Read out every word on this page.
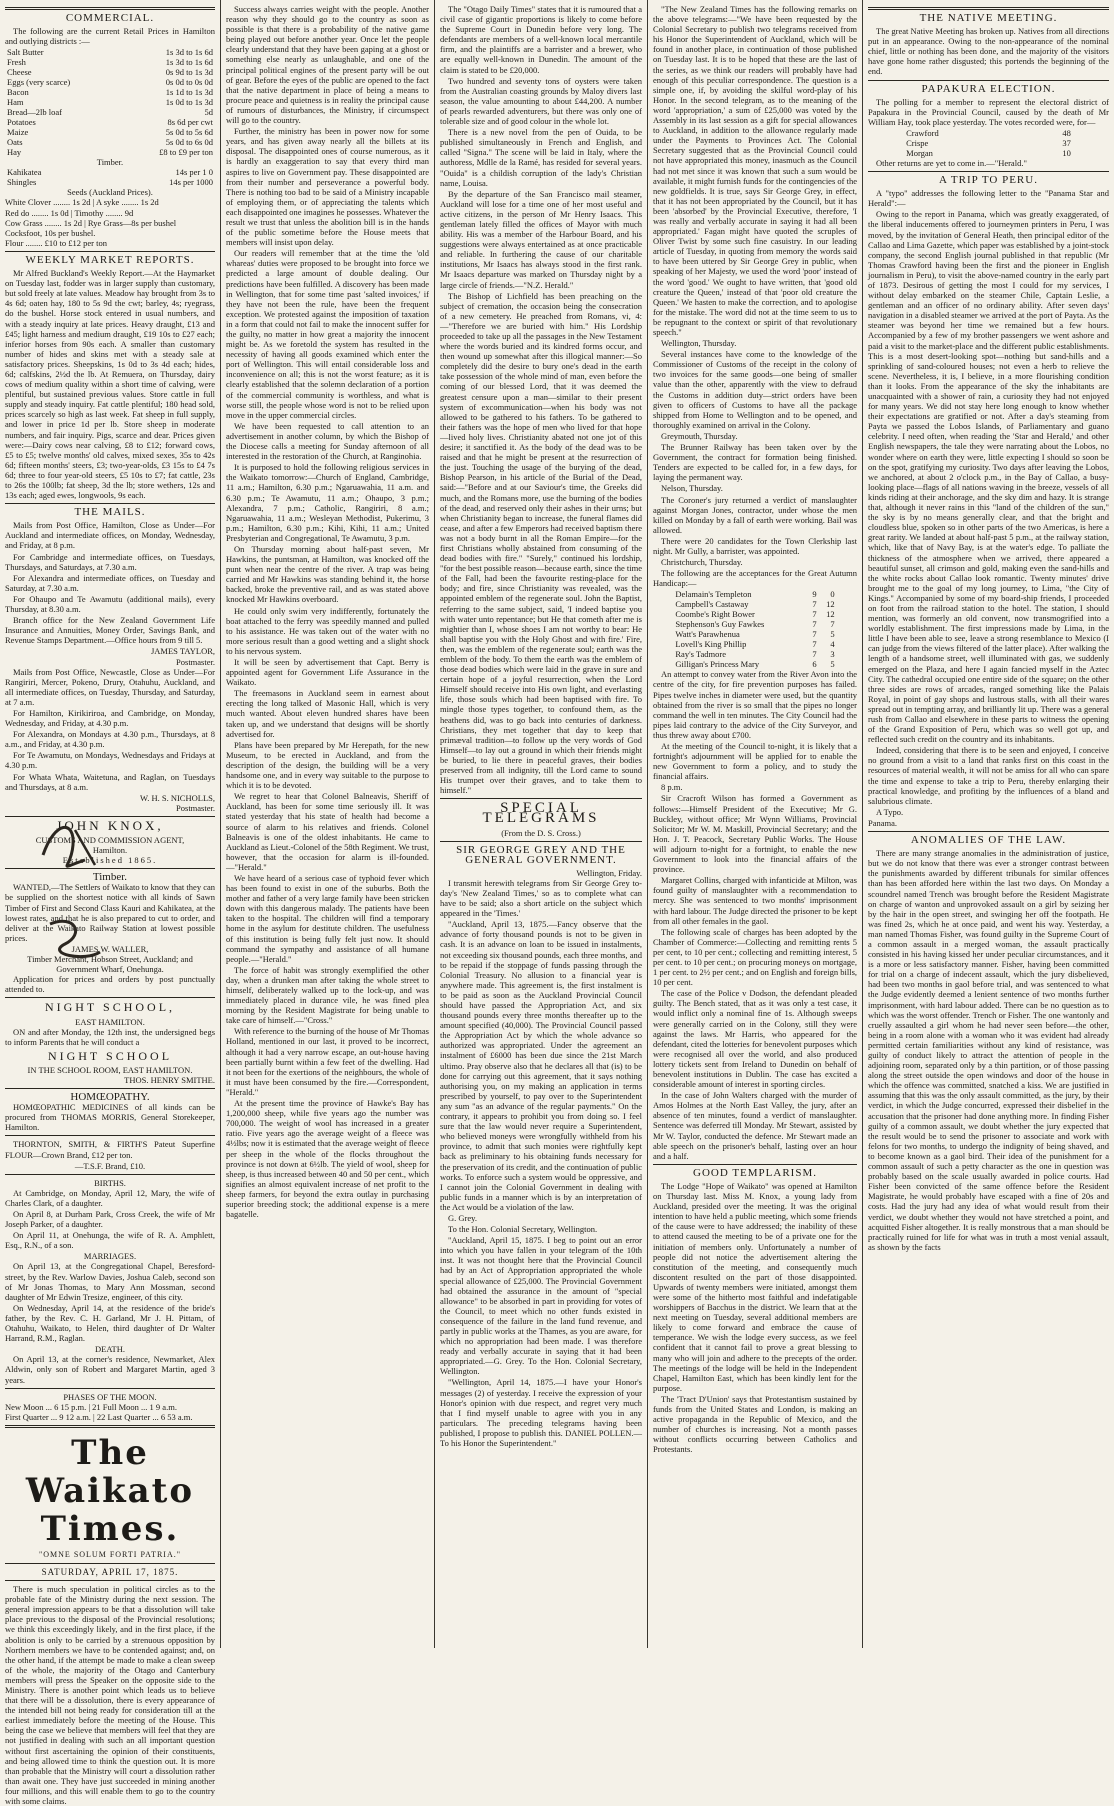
COMMERCIAL.

The following are the current Retail Prices in Hamilton and outlying districts :—

Salt Butter	1s 3d to 1s 6d
Fresh	1s 3d to 1s 6d
Cheese	0s 9d to 1s 3d
Eggs (very scarce)	0s 0d to 0s 0d
Bacon	1s 1d to 1s 3d
Ham	1s 0d to 1s 3d
Bread—2lb loaf	5d
Potatoes	8s 6d per cwt
Maize	5s 0d to 5s 6d
Oats	5s 0d to 6s 0d
Hay	£8 to £9 per ton
Timber.
Kahikatea	14s per 1 0
Shingles	14s per 1000
Seeds (Auckland Prices).
White Clover ........ 1s 2d | A syke ........ 1s 2d
Red do ........ 1s 0d | Timothy ........ 9d
Cow Grass ........ 1s 2d | Rye Grass—8s per bushel
Cocksfoot, 10s per bushel.
Flour ........ £10 to £12 per ton
WEEKLY MARKET REPORTS.

Mr Alfred Buckland's Weekly Report.—At the Haymarket on Tuesday last, fodder was in larger supply than customary, but sold freely at late values. Meadow hay brought from 3s to 4s 6d; oaten hay, 180 to 5s 9d the cwt; barley, 4s; ryegrass, do the bushel. Horse stock entered in usual numbers, and with a steady inquiry at late prices. Heavy draught, £13 and £45; light harness and medium draught, £19 10s to £27 each; inferior horses from 90s each. A smaller than customary number of hides and skins met with a steady sale at satisfactory prices. Sheepskins, 1s 0d to 3s 4d each; hides, 6d; calfskins, 2½d the lb. At Remuera, on Thursday, dairy cows of medium quality within a short time of calving, were plentiful, but sustained previous values. Store cattle in full supply and steady inquiry. Fat cattle plentiful; 180 head sold, prices scarcely so high as last week. Fat sheep in full supply, and lower in price 1d per lb. Store sheep in moderate numbers, and fair inquiry. Pigs, scarce and dear. Prices given were:—Dairy cows near calving, £8 to £12; forward cows, £5 to £5; twelve months' old calves, mixed sexes, 35s to 42s 6d; fifteen months' steers, £3; two-year-olds, £3 15s to £4 7s 6d; three to four year-old steers, £5 10s to £7; fat cattle, 23s to 26s the 100lb; fat sheep, 3d the lb; store wethers, 12s and 13s each; aged ewes, longwools, 9s each.

THE MAILS.

Mails from Post Office, Hamilton, Close as Under—For Auckland and intermediate offices, on Monday, Wednesday, and Friday, at 8 p.m.

For Cambridge and intermediate offices, on Tuesdays, Thursdays, and Saturdays, at 7.30 a.m.

For Alexandra and intermediate offices, on Tuesday and Saturday, at 7.30 a.m.

For Ohaupo and Te Awamutu (additional mails), every Thursday, at 8.30 a.m.

Branch office for the New Zealand Government Life Insurance and Annuities, Money Order, Savings Bank, and Revenue Stamps Department.—Office hours from 9 till 5.

JAMES TAYLOR,
Postmaster.

Mails from Post Office, Newcastle, Close as Under—For Rangiriri, Mercer, Pokeno, Drury, Otahuhu, Auckland, and all intermediate offices, on Tuesday, Thursday, and Saturday, at 7 a.m.

For Hamilton, Kirikiriroa, and Cambridge, on Monday, Wednesday, and Friday, at 4.30 p.m.

For Alexandra, on Mondays at 4.30 p.m., Thursdays, at 8 a.m., and Friday, at 4.30 p.m.

For Te Awamutu, on Mondays, Wednesdays and Fridays at 4.30 p.m.

For Whata Whata, Waitetuna, and Raglan, on Tuesdays and Thursdays, at 8 a.m.

W. H. S. NICHOLLS,
Postmaster.
JOHN KNOX,
CUSTOMS AND COMMISSION AGENT,
Hamilton.
Established 1865.
Timber.

WANTED,—The Settlers of Waikato to know that they can be supplied on the shortest notice with all kinds of Sawn Timber of First and Second Class Kauri and Kahikatea, at the lowest rates, and that he is also prepared to cut to order, and deliver at the Waikato Railway Station at lowest possible prices.

JAMES W. WALLER,
Timber Merchant, Hobson Street, Auckland; and Government Wharf, Onehunga.

Application for prices and orders by post punctually attended to.

NIGHT SCHOOL,
EAST HAMILTON.

ON and after Monday, the 12th inst, the undersigned begs to inform Parents that he will conduct a

NIGHT SCHOOL
IN THE SCHOOL ROOM, EAST HAMILTON.
THOS. HENRY SMITHE.
HOMŒOPATHY.

HOMŒOPATHIC MEDICINES of all kinds can be procured from THOMAS MORRIS, General Storekeeper, Hamilton.

THORNTON, SMITH, & FIRTH'S Pateut Superfine FLOUR—Crown Brand, £12 per ton.

—T.S.F. Brand, £10.
BIRTHS.

At Cambridge, on Monday, April 12, Mary, the wife of Charles Clark, of a daughter.

On April 8, at Durham Park, Cross Creek, the wife of Mr Joseph Parker, of a daughter.

On April 11, at Onehunga, the wife of R. A. Amphlett, Esq., R.N., of a son.

MARRIAGES.

On April 13, at the Congregational Chapel, Beresford-street, by the Rev. Warlow Davies, Joshua Caleb, second son of Mr Jonas Thomas, to Mary Ann Mossman, second daughter of Mr Edwin Tresize, engineer, of this city.

On Wednesday, April 14, at the residence of the bride's father, by the Rev. C. H. Garland, Mr J. H. Pittam, of Otahuhu, Waikato, to Helen, third daughter of Dr Walter Harrand, R.M., Raglan.

DEATH.

On April 13, at the corner's residence, Newmarket, Alex Aldwin, only son of Robert and Margaret Martin, aged 3 years.

PHASES OF THE MOON.
New Moon ... 6 15 p.m. | 21 Full Moon ... 1 9 a.m.
First Quarter ... 9 12 a.m. | 22 Last Quarter ... 6 53 a.m.
The Waikato Times.
"OMNE SOLUM FORTI PATRIA."
SATURDAY, APRIL 17, 1875.

There is much speculation in political circles as to the probable fate of the Ministry during the next session. The general impression appears to be that a dissolution will take place previous to the disposal of the Provincial resolutions; we think this exceedingly likely, and in the first place, if the abolition is only to be carried by a strenuous opposition by Northern members we have to be contended against; and, on the other hand, if the attempt be made to make a clean sweep of the whole, the majority of the Otago and Canterbury members will press the Speaker on the opposite side to the Ministry. There is another point which leads us to believe that there will be a dissolution, there is every appearance of the intended bill not being ready for consideration till at the earliest immediately before the meeting of the House. This being the case we believe that members will feel that they are not justified in dealing with such an all important question without first ascertaining the opinion of their constituents, and being allowed time to think the question out. It is more than probable that the Ministry will court a dissolution rather than await one. They have just succeeded in mining another four millions, and this will enable them to go to the country with some claims.

Success always carries weight with the people. Another reason why they should go to the country as soon as possible is that there is a probability of the native game being played out before another year. Once let the people clearly understand that they have been gaping at a ghost or something else nearly as unlaughable, and one of the principal political engines of the present party will be out of gear. Before the eyes of the public are opened to the fact that the native department in place of being a means to procure peace and quietness is in reality the principal cause of rumours of disturbances, the Ministry, if circumspect will go to the country.

Further, the ministry has been in power now for some years, and has given away nearly all the billets at its disposal. The disappointed ones of course numerous, as it is hardly an exaggeration to say that every third man aspires to live on Government pay. These disappointed are from their number and perseverance a powerful body. There is nothing too bad to be said of a Ministry incapable of employing them, or of appreciating the talents which each disappointed one imagines he possesses. Whatever the result we trust that unless the abolition bill is in the hands of the public sometime before the House meets that members will insist upon delay.

Our readers will remember that at the time the 'old whareas' duties were proposed to be brought into force we predicted a large amount of double dealing. Our predictions have been fulfilled. A discovery has been made in Wellington, that for some time past 'salted invoices,' if they have not been the rule, have been the frequent exception. We protested against the imposition of taxation in a form that could not fail to make the innocent suffer for the guilty, no matter in how great a majority the innocent might be. As we foretold the system has resulted in the necessity of having all goods examined which enter the port of Wellington. This will entail considerable loss and inconvenience on all; this is not the worst feature; as it is clearly established that the solemn declaration of a portion of the commercial community is worthless, and what is worse still, the people whose word is not to be relied upon move in the upper commercial circles.

We have been requested to call attention to an advertisement in another column, by which the Bishop of the Diocese calls a meeting for Sunday afternoon of all interested in the restoration of the Church, at Ranginohia.

It is purposed to hold the following religious services in the Waikato tomorrow:—Church of England, Cambridge, 11 a.m.; Hamilton, 6.30 p.m.; Ngaruawahia, 11 a.m. and 6.30 p.m.; Te Awamutu, 11 a.m.; Ohaupo, 3 p.m.; Alexandra, 7 p.m.; Catholic, Rangiriri, 8 a.m.; Ngaruawahia, 11 a.m.; Wesleyan Methodist, Pukerimu, 3 p.m.; Hamilton, 6.30 p.m.; Kihi, Kihi, 11 a.m.; United Presbyterian and Congregational, Te Awamutu, 3 p.m.

On Thursday morning about half-past seven, Mr Hawkins, the puntsman, at Hamilton, was knocked off the punt when near the centre of the river. A trap was being carried and Mr Hawkins was standing behind it, the horse backed, broke the preventive rail, and as was stated above knocked Mr Hawkins overboard.

He could only swim very indifferently, fortunately the boat attached to the ferry was speedily manned and pulled to his assistance. He was taken out of the water with no more serious result than a good wetting and a slight shock to his nervous system.

It will be seen by advertisement that Capt. Berry is appointed agent for Government Life Assurance in the Waikato.

The freemasons in Auckland seem in earnest about erecting the long talked of Masonic Hall, which is very much wanted. About eleven hundred shares have been taken up, and we understand that designs will be shortly advertised for.

Plans have been prepared by Mr Herepath, for the new Museum, to be erected in Auckland, and from the description of the design, the building will be a very handsome one, and in every way suitable to the purpose to which it is to be devoted.

We regret to hear that Colonel Balneavis, Sheriff of Auckland, has been for some time seriously ill. It was stated yesterday that his state of health had become a source of alarm to his relatives and friends. Colonel Balneavis is one of the oldest inhabitants. He came to Auckland as Lieut.-Colonel of the 58th Regiment. We trust, however, that the occasion for alarm is ill-founded.—"Herald."

We have heard of a serious case of typhoid fever which has been found to exist in one of the suburbs. Both the mother and father of a very large family have been stricken down with this dangerous malady. The patients have been taken to the hospital. The children will find a temporary home in the asylum for destitute children. The usefulness of this institution is being fully felt just now. It should command the sympathy and assistance of all humane people.—"Herald."

The force of habit was strongly exemplified the other day, when a drunken man after taking the whole street to himself, deliberately walked up to the lock-up, and was immediately placed in durance vile, he was fined plea morning by the Resident Magistrate for being unable to take care of himself.—"Cross."

With reference to the burning of the house of Mr Thomas Holland, mentioned in our last, it proved to be incorrect, although it had a very narrow escape, an out-house having been partially burnt within a few feet of the dwelling. Had it not been for the exertions of the neighbours, the whole of it must have been consumed by the fire.—Correspondent, "Herald."

At the present time the province of Hawke's Bay has 1,200,000 sheep, while five years ago the number was 700,000. The weight of wool has increased in a greater ratio. Five years ago the average weight of a fleece was 4½lbs; now it is estimated that the average weight of fleece per sheep in the whole of the flocks throughout the province is not down at 6½lb. The yield of wool, sheep for sheep, is thus increased between 40 and 50 per cent., which signifies an almost equivalent increase of net profit to the sheep farmers, for beyond the extra outlay in purchasing superior breeding stock; the additional expense is a mere bagatelle.

The "Otago Daily Times" states that it is rumoured that a civil case of gigantic proportions is likely to come before the Supreme Court in Dunedin before very long. The defendants are members of a well-known local mercantile firm, and the plaintiffs are a barrister and a brewer, who are equally well-known in Dunedin. The amount of the claim is stated to be £20,000.

Two hundred and seventy tons of oysters were taken from the Australian coasting grounds by Maloy divers last season, the value amounting to about £44,200. A number of pearls rewarded adventurers, but there was only one of tolerable size and of good colour in the whole lot.

There is a new novel from the pen of Ouida, to be published simultaneously in French and English, and called "Signa." The scene will be laid in Italy, where the authoress, Mdlle de la Ramé, has resided for several years. "Ouida" is a childish corruption of the lady's Christian name, Louisa.

By the departure of the San Francisco mail steamer, Auckland will lose for a time one of her most useful and active citizens, in the person of Mr Henry Isaacs. This gentleman lately filled the offices of Mayor with much ability. His was a member of the Harbour Board, and his suggestions were always entertained as at once practicable and reliable. In furthering the cause of our charitable institutions, Mr Isaacs has always stood in the first rank. Mr Isaacs departure was marked on Thursday night by a large circle of friends.—"N.Z. Herald."

The Bishop of Lichfield has been preaching on the subject of cremation, the occasion being the consecration of a new cemetery. He preached from Romans, vi, 4:—"Therefore we are buried with him." His Lordship proceeded to take up all the passages in the New Testament where the words buried and its kindred forms occur, and then wound up somewhat after this illogical manner:—So completely did the desire to bury one's dead in the earth take possession of the whole mind of man, even before the coming of our blessed Lord, that it was deemed the greatest censure upon a man—similar to their present system of excommunication—when his body was not allowed to be gathered to his fathers. To be gathered to their fathers was the hope of men who lived for that hope—lived holy lives. Christianity abated not one jot of this desire; it sanctified it. As the body of the dead was to be raised and that he might be present at the resurrection of the just. Touching the usage of the burying of the dead, Bishop Pearson, in his article of the Burial of the Dead, said:—"Before and at our Saviour's time, the Greeks did much, and the Romans more, use the burning of the bodies of the dead, and reserved only their ashes in their urns; but when Christianity began to increase, the funeral flames did cease, and after a few Emperors had received baptism there was not a body burnt in all the Roman Empire—for the first Christians wholly abstained from consuming of the dead bodies with fire." "Surely," continued his lordship, "for the best possible reason—because earth, since the time of the Fall, had been the favourite resting-place for the body; and fire, since Christianity was revealed, was the appointed emblem of the regenerate soul. John the Baptist, referring to the same subject, said, 'I indeed baptise you with water unto repentance; but He that cometh after me is mightier than I, whose shoes I am not worthy to bear: He shall baptise you with the Holy Ghost and with fire.' Fire, then, was the emblem of the regenerate soul; earth was the emblem of the body. To them the earth was the emblem of those dead bodies which were laid in the grave in sure and certain hope of a joyful resurrection, when the Lord Himself should receive into His own light, and everlasting life, those souls which had been baptised with fire. To mingle those types together, to confound them, as the heathens did, was to go back into centuries of darkness. Christians, they met together that day to keep that primæval tradition—to follow up the very words of God Himself—to lay out a ground in which their friends might be buried, to lie there in peaceful graves, their bodies preserved from all indignity, till the Lord came to sound His trumpet over their graves, and to take them to himself."

SPECIAL TELEGRAMS
(From the D. S. Cross.)
SIR GEORGE GREY AND THE GENERAL GOVERNMENT.
Wellington, Friday.

I transmit herewith telegrams from Sir George Grey to-day's 'New Zealand Times,' so as to complete what can have to be said; also a short article on the subject which appeared in the 'Times.'

"Auckland, April 13, 1875.—Fancy observe that the advance of forty thousand pounds is not to be given in cash. It is an advance on loan to be issued in instalments, not exceeding six thousand pounds, each three months, and to be repaid if the stoppage of funds passing through the Colonial Treasury. No allusion to a financial year is anywhere made. This agreement is, the first instalment is to be paid as soon as the Auckland Provincial Council should have passed the Appropriation Act, and six thousand pounds every three months thereafter up to the amount specified (40,000). The Provincial Council passed the Appropriation Act by which the whole advance so authorized was appropriated. Under the agreement an instalment of £6000 has been due since the 21st March ultimo. Pray observe also that he declares all that (is) to be done for carrying out this agreement, that it says nothing authorising you, on my making an application in terms prescribed by yourself, to pay over to the Superintendent any sum "as an advance of the regular payments." On the contrary, it appears to prohibit you from doing so. I feel sure that the law would never require a Superintendent, who believed moneys were wrongfully withheld from his province, to admit that such monies were rightfully kept back as preliminary to his obtaining funds necessary for the preservation of its credit, and the continuation of public works. To enforce such a system would be oppressive, and I cannot join the Colonial Government in dealing with public funds in a manner which is by an interpretation of the Act would be a violation of the law.

G. Grey.

To the Hon. Colonial Secretary, Wellington.

"Auckland, April 15, 1875. I beg to point out an error into which you have fallen in your telegram of the 10th inst. It was not thought here that the Provincial Council had by an Act of Appropriation appropriated the whole special allowance of £25,000. The Provincial Government had obtained the assurance in the amount of "special allowance" to be absorbed in part in providing for votes of the Council, to meet which no other funds existed in consequence of the failure in the land fund revenue, and partly in public works at the Thames, as you are aware, for which no appropriation had been made. I was therefore ready and verbally accurate in saying that it had been appropriated.—G. Grey. To the Hon. Colonial Secretary, Wellington.

"Wellington, April 14, 1875.—I have your Honor's messages (2) of yesterday. I receive the expression of your Honor's opinion with due respect, and regret very much that I find myself unable to agree with you in any particulars. The preceding telegrams having been published, I propose to publish this. DANIEL POLLEN.—To his Honor the Superintendent."

"The New Zealand Times has the following remarks on the above telegrams:—"We have been requested by the Colonial Secretary to publish two telegrams received from his Honor the Superintendent of Auckland, which will be found in another place, in continuation of those published on Tuesday last. It is to be hoped that these are the last of the series, as we think our readers will probably have had enough of this peculiar correspondence. The question is a simple one, if, by avoiding the skilful word-play of his Honor. In the second telegram, as to the meaning of the word 'appropriation,' a sum of £25,000 was voted by the Assembly in its last session as a gift for special allowances to Auckland, in addition to the allowance regularly made under the Payments to Provinces Act. The Colonial Secretary suggested that as the Provincial Council could not have appropriated this money, inasmuch as the Council had not met since it was known that such a sum would be available, it might furnish funds for the contingencies of the new goldfields. It is true, says Sir George Grey, in effect, that it has not been appropriated by the Council, but it has been 'absorbed' by the Provincial Executive, therefore, 'I was really and verbally accurate in saying it had all been appropriated.' Fagan might have quoted the scruples of Oliver Twist by some such fine casuistry. In our leading article of Tuesday, in quoting from memory the words said to have been uttered by Sir George Grey in public, when speaking of her Majesty, we used the word 'poor' instead of the word 'good.' We ought to have written, that 'good old creature the Queen,' instead of that 'poor old creature the Queen.' We hasten to make the correction, and to apologise for the mistake. The word did not at the time seem to us to be repugnant to the context or spirit of that revolutionary speech."

Wellington, Thursday.

Several instances have come to the knowledge of the Commissioner of Customs of the receipt in the colony of two invoices for the same goods—one being of smaller value than the other, apparently with the view to defraud the Customs in addition duty—strict orders have been given to officers of Customs to have all the package shipped from Home to Wellington and to be opened, and thoroughly examined on arrival in the Colony.

Greymouth, Thursday.

The Brunner Railway has been taken over by the Government, the contract for formation being finished. Tenders are expected to be called for, in a few days, for laying the permanent way.

Nelson, Thursday.

The Coroner's jury returned a verdict of manslaughter against Morgan Jones, contractor, under whose the men killed on Monday by a fall of earth were working. Bail was allowed.

There were 20 candidates for the Town Clerkship last night. Mr Gully, a barrister, was appointed.

Christchurch, Thursday.

The following are the acceptances for the Great Autumn Handicap:—

Delamain's Templeton	9	0
Campbell's Castaway	7	12
Coombe's Right Bower	7	12
Stephenson's Guy Fawkes	7	7
Watt's Parawhenua	7	5
Lovell's King Phillip	7	4
Ray's Tadmore	7	3
Gilligan's Princess Mary	6	5

An attempt to convey water from the River Avon into the centre of the city, for fire prevention purposes has failed. Pipes twelve inches in diameter were used, but the quantity obtained from the river is so small that the pipes no longer command the well in ten minutes. The City Council had the pipes laid contrary to the advice of the City Surveyor, and thus threw away about £700.

At the meeting of the Council to-night, it is likely that a fortnight's adjournment will be applied for to enable the new Government to form a policy, and to study the financial affairs.

8 p.m.

Sir Cracroft Wilson has formed a Government as follows:—Himself President of the Executive; Mr G. Buckley, without office; Mr Wynn Williams, Provincial Solicitor; Mr W. M. Maskill, Provincial Secretary; and the Hon. J. T. Peacock, Secretary Public Works. The House will adjourn to-night for a fortnight, to enable the new Government to look into the financial affairs of the province.

Margaret Collins, charged with infanticide at Milton, was found guilty of manslaughter with a recommendation to mercy. She was sentenced to two months' imprisonment with hard labour. The Judge directed the prisoner to be kept from all other females in the gaol.

The following scale of charges has been adopted by the Chamber of Commerce:—Collecting and remitting rents 5 per cent, to 10 per cent.; collecting and remitting interest, 5 per cent. to 10 per cent.; on procuring moneys on mortgage, 1 per cent. to 2½ per cent.; and on English and foreign bills, 10 per cent.

The case of the Police v Dodson, the defendant pleaded guilty. The Bench stated, that as it was only a test case, it would inflict only a nominal fine of 1s. Although sweeps were generally carried on in the Colony, still they were against the laws. Mr Harris, who appeared for the defendant, cited the lotteries for benevolent purposes which were recognised all over the world, and also produced lottery tickets sent from Ireland to Dunedin on behalf of benevolent institutions in Dublin. The case has excited a considerable amount of interest in sporting circles.

In the case of John Walters charged with the murder of Amos Holmes at the North East Valley, the jury, after an absence of ten minutes, found a verdict of manslaughter. Sentence was deferred till Monday. Mr Stewart, assisted by Mr W. Taylor, conducted the defence. Mr Stewart made an able speech on the prisoner's behalf, lasting over an hour and a half.

GOOD TEMPLARISM.

The Lodge "Hope of Waikato" was opened at Hamilton on Thursday last. Miss M. Knox, a young lady from Auckland, presided over the meeting. It was the original intention to have held a public meeting, which some friends of the cause were to have addressed; the inability of these to attend caused the meeting to be of a private one for the initiation of members only. Unfortunately a number of people did not notice the advertisement altering the constitution of the meeting, and consequently much discontent resulted on the part of those disappointed. Upwards of twenty members were initiated, amongst them were some of the hitherto most faithful and indefatigable worshippers of Bacchus in the district. We learn that at the next meeting on Tuesday, several additional members are likely to come forward and embrace the cause of temperance. We wish the lodge every success, as we feel confident that it cannot fail to prove a great blessing to many who will join and adhere to the precepts of the order. The meetings of the lodge will be held in the Independent Chapel, Hamilton East, which has been kindly lent for the purpose.

The 'Tract D'Union' says that Protestantism sustained by funds from the United States and London, is making an active propaganda in the Republic of Mexico, and the number of churches is increasing. Not a month passes without conflicts occurring between Catholics and Protestants.

THE NATIVE MEETING.

The great Native Meeting has broken up. Natives from all directions put in an appearance. Owing to the non-appearance of the nominal chief, little or nothing has been done, and the majority of the visitors have gone home rather disgusted; this portends the beginning of the end.

PAPAKURA ELECTION.

The polling for a member to represent the electoral district of Papakura in the Provincial Council, caused by the death of Mr William Hay, took place yesterday. The votes recorded were, for—

Crawford	48
Crispe	37
Morgan	10

Other returns are yet to come in.—"Herald."

A TRIP TO PERU.

A "typo" addresses the following letter to the "Panama Star and Herald":—

Owing to the report in Panama, which was greatly exaggerated, of the liberal inducements offered to journeymen printers in Peru, I was moved, by the invitation of General Heath, then principal editor of the Callao and Lima Gazette, which paper was established by a joint-stock company, the second English journal published in that republic (Mr Thomas Crawford having been the first and the pioneer in English journalism in Peru), to visit the above-named country in the early part of 1873. Desirous of getting the most I could for my services, I without delay embarked on the steamer Chile, Captain Leslie, a gentleman and an officer of no ordinary ability. After seven days' navigation in a disabled steamer we arrived at the port of Payta. As the steamer was beyond her time we remained but a few hours. Accompanied by a few of my brother passengers we went ashore and paid a visit to the market-place and the different public establishments. This is a most desert-looking spot—nothing but sand-hills and a sprinkling of sand-coloured houses; not even a herb to relieve the scene. Nevertheless, it is, I believe, in a more flourishing condition than it looks. From the appearance of the sky the inhabitants are unacquainted with a shower of rain, a curiosity they had not enjoyed for many years. We did not stay here long enough to know whether their expectations are gratified or not. After a day's steaming from Payta we passed the Lobos Islands, of Parliamentary and guano celebrity. I need often, when reading the 'Star and Herald,' and other English newspapers, the tale they were narrating about the Lobos, no wonder where on earth they were, little expecting I should so soon be on the spot, gratifying my curiosity. Two days after leaving the Lobos, we anchored, at about 2 o'clock p.m., in the Bay of Callao, a busy-looking place—flags of all nations waving in the breeze, vessels of all kinds riding at their anchorage, and the sky dim and hazy. It is strange that, although it never rains in this "land of the children of the sun," the sky is by no means generally clear, and that the bright and cloudless blue, spoken so in other parts of the two Americas, is here a great rarity. We landed at about half-past 5 p.m., at the railway station, which, like that of Navy Bay, is at the water's edge. To palliate the thickness of the atmosphere when we arrived, there appeared a beautiful sunset, all crimson and gold, making even the sand-hills and the white rocks about Callao look romantic. Twenty minutes' drive brought me to the goal of my long journey, to Lima, "the City of Kings." Accompanied by some of my board-ship friends, I proceeded on foot from the railroad station to the hotel. The station, I should mention, was formerly an old convent, now transmogrified into a worldly establishment. The first impressions made by Lima, in the little I have been able to see, leave a strong resemblance to Mexico (I can judge from the views filtered of the latter place). After walking the length of a handsome street, well illuminated with gas, we suddenly emerged on the Plaza, and here I again fancied myself in the Aztec City. The cathedral occupied one entire side of the square; on the other three sides are rows of arcades, ranged something like the Palais Royal, in point of gay shops and lustrous stalls, with all their wares spread out in tempting array, and brilliantly lit up. There was a general rush from Callao and elsewhere in these parts to witness the opening of the Grand Exposition of Peru, which was so well got up, and reflected such credit on the country and its inhabitants.

Indeed, considering that there is to be seen and enjoyed, I conceive no ground from a visit to a land that ranks first on this coast in the resources of material wealth, it will not be amiss for all who can spare the time and expense to take a trip to Peru, thereby enlarging their practical knowledge, and profiting by the influences of a bland and salubrious climate.

A Typo.

Panama.
ANOMALIES OF THE LAW.

There are many strange anomalies in the administration of justice, but we do not know that there was ever a stronger contrast between the punishments awarded by different tribunals for similar offences than has been afforded here within the last two days. On Monday a scoundrel named Trench was brought before the Resident Magistrate on charge of wanton and unprovoked assault on a girl by seizing her by the hair in the open street, and swinging her off the footpath. He was fined 2s, which he at once paid, and went his way. Yesterday, a man named Thomas Fisher, was found guilty in the Supreme Court of a common assault in a merged woman, the assault practically consisted in his having kissed her under peculiar circumstances, and it is a more or less satisfactory manner. Fisher, having been committed for trial on a charge of indecent assault, which the jury disbelieved, had been two months in gaol before trial, and was sentenced to what the Judge evidently deemed a lenient sentence of two months further imprisonment, with hard labour added. There can be no question as to which was the worst offender. Trench or Fisher. The one wantonly and cruelly assaulted a girl whom he had never seen before—the other, being in a room alone with a woman who it was evident had already permitted certain familiarities without any kind of resistance, was guilty of conduct likely to attract the attention of people in the adjoining room, separated only by a thin partition, or of those passing along the street outside the open windows and door of the house in which the offence was committed, snatched a kiss. We are justified in assuming that this was the only assault committed, as the jury, by their verdict, in which the Judge concurred, expressed their disbelief in the accusation that the prisoner had done anything more. In finding Fisher guilty of a common assault, we doubt whether the jury expected that the result would be to send the prisoner to associate and work with felons for two months, to undergo the indignity of being shaved, and to become known as a gaol bird. Their idea of the punishment for a common assault of such a petty character as the one in question was probably based on the scale usually awarded in police courts. Had Fisher been convicted of the same offence before the Resident Magistrate, he would probably have escaped with a fine of 20s and costs. Had the jury had any idea of what would result from their verdict, we doubt whether they would not have stretched a point, and acquitted Fisher altogether. It is really monstrous that a man should be practically ruined for life for what was in truth a most venial assault, as shown by the facts
